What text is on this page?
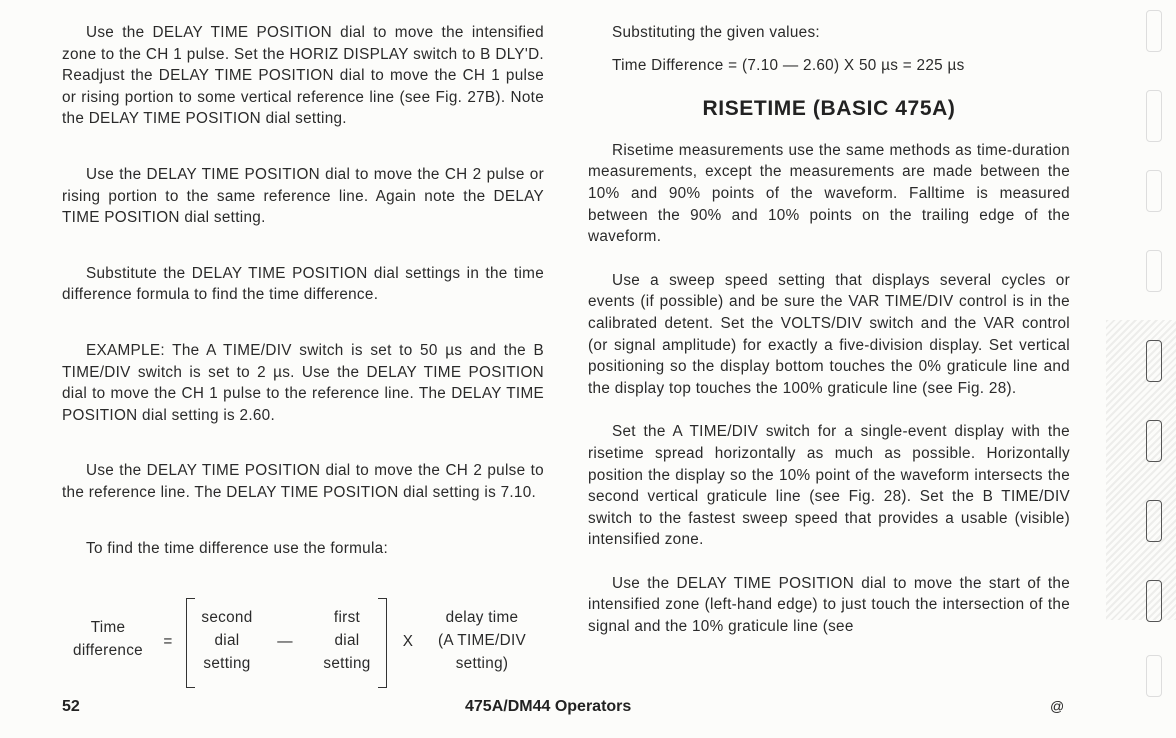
Use the DELAY TIME POSITION dial to move the intensified zone to the CH 1 pulse. Set the HORIZ DISPLAY switch to B DLY'D. Readjust the DELAY TIME POSITION dial to move the CH 1 pulse or rising portion to some vertical reference line (see Fig. 27B). Note the DELAY TIME POSITION dial setting.

Use the DELAY TIME POSITION dial to move the CH 2 pulse or rising portion to the same reference line. Again note the DELAY TIME POSITION dial setting.

Substitute the DELAY TIME POSITION dial settings in the time difference formula to find the time difference.

EXAMPLE: The A TIME/DIV switch is set to 50 µs and the B TIME/DIV switch is set to 2 µs. Use the DELAY TIME POSITION dial to move the CH 1 pulse to the reference line. The DELAY TIME POSITION dial setting is 2.60.

Use the DELAY TIME POSITION dial to move the CH 2 pulse to the reference line. The DELAY TIME POSITION dial setting is 7.10.

To find the time difference use the formula:

Time
difference
=
second
dial
setting
—
first
dial
setting
X
delay time
(A TIME/DIV
setting)

Substituting the given values:

Time Difference = (7.10 — 2.60) X 50 µs = 225 µs

RISETIME (BASIC 475A)

Risetime measurements use the same methods as time-duration measurements, except the measurements are made between the 10% and 90% points of the waveform. Falltime is measured between the 90% and 10% points on the trailing edge of the waveform.

Use a sweep speed setting that displays several cycles or events (if possible) and be sure the VAR TIME/DIV control is in the calibrated detent. Set the VOLTS/DIV switch and the VAR control (or signal amplitude) for exactly a five-division display. Set vertical positioning so the display bottom touches the 0% graticule line and the display top touches the 100% graticule line (see Fig. 28).

Set the A TIME/DIV switch for a single-event display with the risetime spread horizontally as much as possible. Horizontally position the display so the 10% point of the waveform intersects the second vertical graticule line (see Fig. 28). Set the B TIME/DIV switch to the fastest sweep speed that provides a usable (visible) intensified zone.

Use the DELAY TIME POSITION dial to move the start of the intensified zone (left-hand edge) to just touch the intersection of the signal and the 10% graticule line (see

52	475A/DM44 Operators	@
